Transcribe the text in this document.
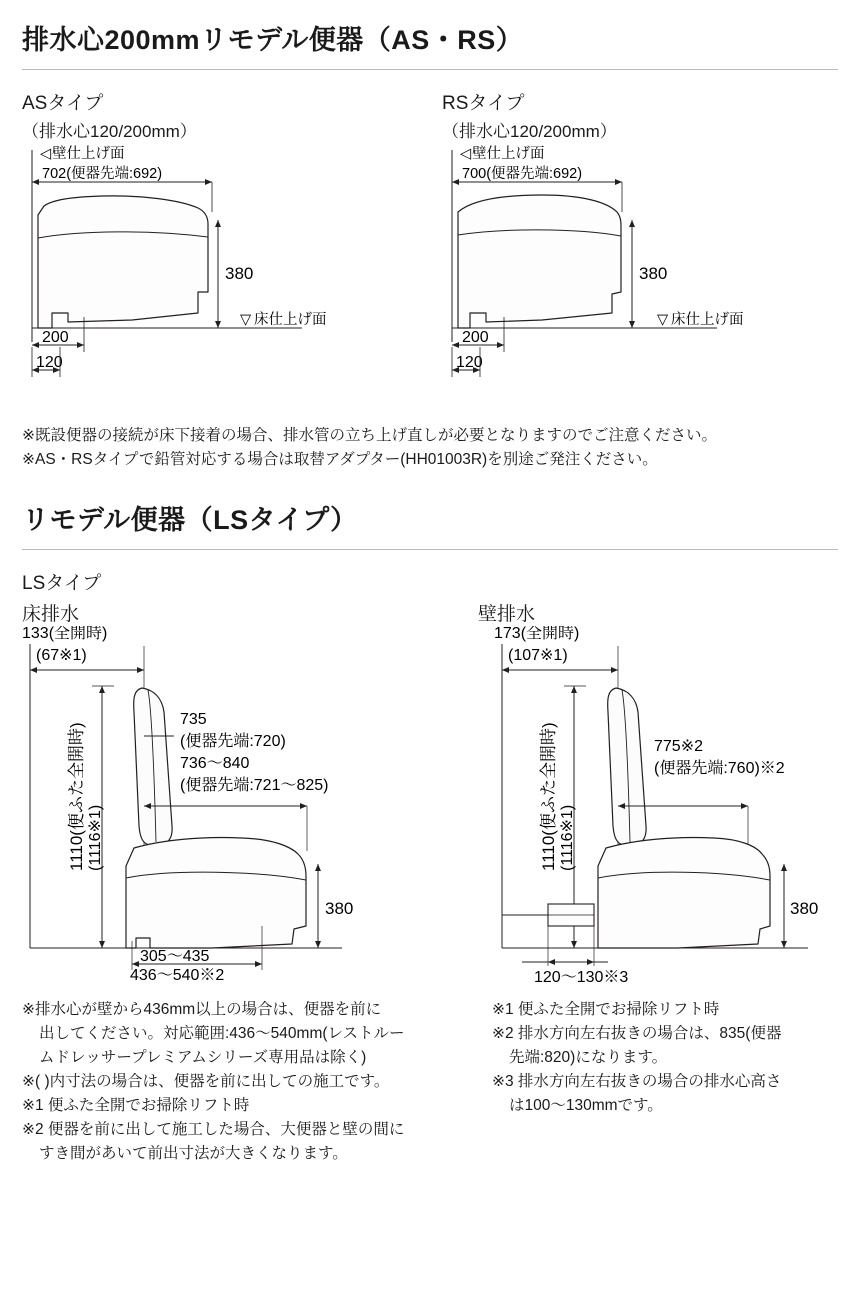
排水心200mmリモデル便器（AS・RS）
ASタイプ
（排水心120/200mm）
◁ 壁仕上げ面
702(便器先端:692)
▽ 床仕上げ面
380
200
120
RSタイプ
（排水心120/200mm）
◁ 壁仕上げ面
700(便器先端:692)
▽ 床仕上げ面
380
200
120
※既設便器の接続が床下接着の場合、排水管の立ち上げ直しが必要となりますのでご注意ください。
※AS・RSタイプで鉛管対応する場合は取替アダプター(HH01003R)を別途ご発注ください。
リモデル便器（LSタイプ）
LSタイプ
床排水
133(全開時)
(67※1)
1110(便ふた全開時) (1116※1)
735
(便器先端:720)
736〜840
(便器先端:721〜825)
380
305〜435
436〜540※2
壁排水
173(全開時)
(107※1)
1110(便ふた全開時) (1116※1)
775※2
(便器先端:760)※2
380
120〜130※3
※排水心が壁から436mm以上の場合は、便器を前に
出してください。対応範囲:436〜540mm(レストルー
ムドレッサープレミアムシリーズ専用品は除く)
※( )内寸法の場合は、便器を前に出しての施工です。
※1 便ふた全開でお掃除リフト時
※2 便器を前に出して施工した場合、大便器と壁の間に
すき間があいて前出寸法が大きくなります。
※1 便ふた全開でお掃除リフト時
※2 排水方向左右抜きの場合は、835(便器
先端:820)になります。
※3 排水方向左右抜きの場合の排水心高さ
は100〜130mmです。
